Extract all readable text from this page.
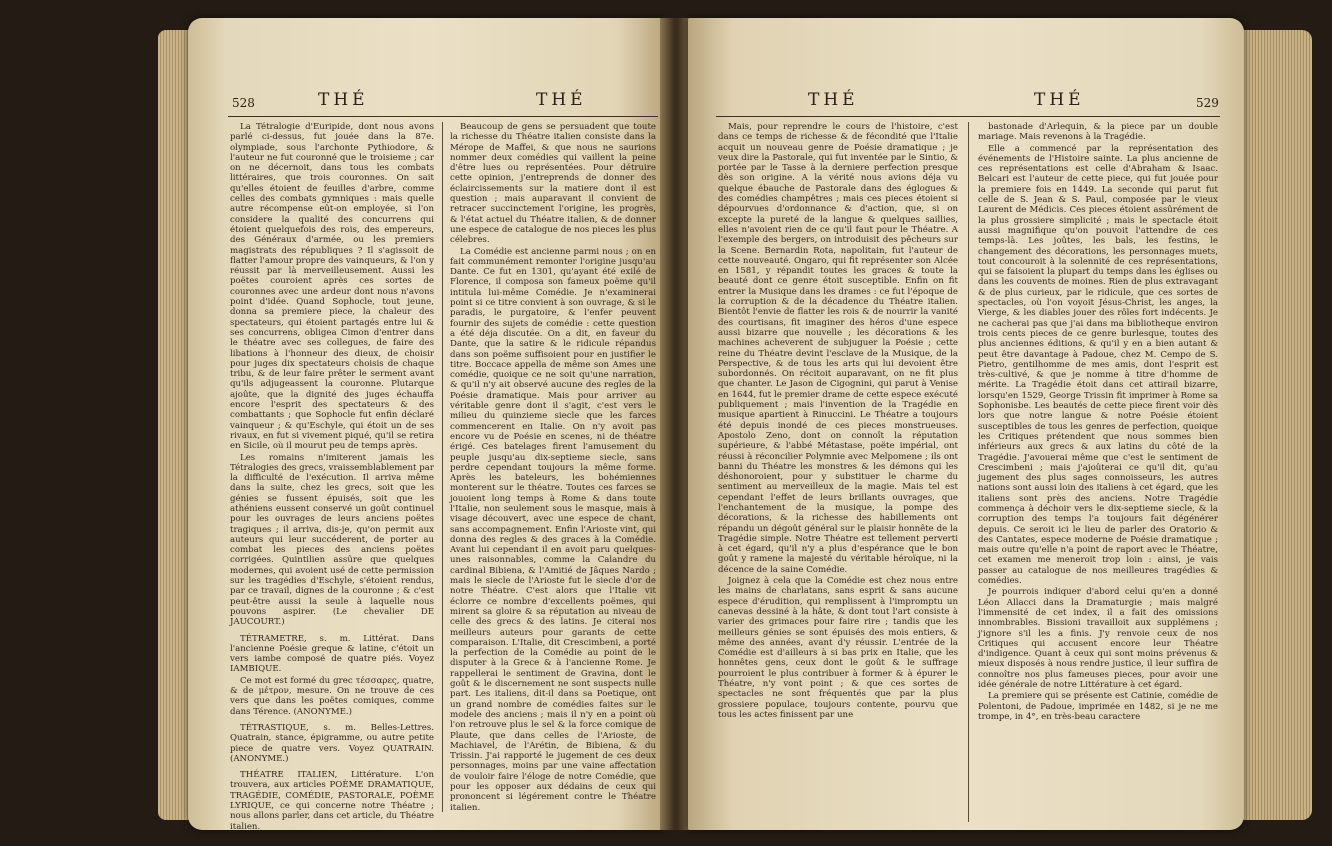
528	THÉ	THÉ

La Tétralogie d'Euripide, dont nous avons parlé ci-dessus, fut jouée dans la 87e. olympiade, sous l'archonte Pythiodore, & l'auteur ne fut couronné que le troisieme ; car on ne décernoit, dans tous les combats littéraires, que trois couronnes. On sait qu'elles étoient de feuilles d'arbre, comme celles des combats gymniques : mais quelle autre récompense eût-on employée, si l'on considere la qualité des concurrens qui étoient quelquefois des rois, des empereurs, des Généraux d'armée, ou les premiers magistrats des républiques ? Il s'agissoit de flatter l'amour propre des vainqueurs, & l'on y réussit par là merveilleusement. Aussi les poëtes couroient après ces sortes de couronnes avec une ardeur dont nous n'avons point d'idée. Quand Sophocle, tout jeune, donna sa premiere piece, la chaleur des spectateurs, qui étoient partagés entre lui & ses concurrens, obligea Cimon d'entrer dans le théatre avec ses collegues, de faire des libations à l'honneur des dieux, de choisir pour juges dix spectateurs choisis de chaque tribu, & de leur faire prêter le serment avant qu'ils adjugeassent la couronne. Plutarque ajoûte, que la dignité des juges échauffa encore l'esprit des spectateurs & des combattants ; que Sophocle fut enfin déclaré vainqueur ; & qu'Eschyle, qui étoit un de ses rivaux, en fut si vivement piqué, qu'il se retira en Sicile, où il mourut peu de temps après.

Les romains n'imiterent jamais les Tétralogies des grecs, vraissemblablement par la difficulté de l'exécution. Il arriva même dans la suite, chez les grecs, soit que les génies se fussent épuisés, soit que les athéniens eussent conservé un goût continuel pour les ouvrages de leurs anciens poëtes tragiques ; il arriva, dis-je, qu'on permit aux auteurs qui leur succéderent, de porter au combat les pieces des anciens poëtes corrigées. Quintilien assûre que quelques modernes, qui avoient usé de cette permission sur les tragédies d'Eschyle, s'étoient rendus, par ce travail, dignes de la couronne ; & c'est peut-être aussi la seule à laquelle nous pouvons aspirer. (Le chevalier DE JAUCOURT.)

TÉTRAMETRE, s. m. Littérat. Dans l'ancienne Poésie greque & latine, c'étoit un vers iambe composé de quatre piés. Voyez IAMBIQUE.

Ce mot est formé du grec τέσσαρες, quatre, & de μέτρον, mesure. On ne trouve de ces vers que dans les poëtes comiques, comme dans Térence. (ANONYME.)

TÉTRASTIQUE, s. m. Belles-Lettres. Quatrain, stance, épigramme, ou autre petite piece de quatre vers. Voyez QUATRAIN. (ANONYME.)

THÉATRE ITALIEN, Littérature. L'on trouvera, aux articles POÈME DRAMATIQUE, TRAGÉDIE, COMÉDIE, PASTORALE, POÈME LYRIQUE, ce qui concerne notre Théatre ; nous allons parler, dans cet article, du Théatre italien.

Beaucoup de gens se persuadent que toute la richesse du Théatre italien consiste dans la Mérope de Maffei, & que nous ne saurions nommer deux comédies qui vaillent la peine d'être lues ou représentées. Pour détruire cette opinion, j'entreprends de donner des éclaircissements sur la matiere dont il est question ; mais auparavant il convient de retracer succinctement l'origine, les progrès, & l'état actuel du Théatre italien, & de donner une espece de catalogue de nos pieces les plus célebres.

La Comédie est ancienne parmi nous ; on en fait communément remonter l'origine jusqu'au Dante. Ce fut en 1301, qu'ayant été exilé de Florence, il composa son fameux poëme qu'il intitula lui-même Comédie. Je n'examinerai point si ce titre convient à son ouvrage, & si le paradis, le purgatoire, & l'enfer peuvent fournir des sujets de comédie : cette question a été déja discutée. On a dit, en faveur du Dante, que la satire & le ridicule répandus dans son poëme suffisoient pour en justifier le titre. Boccace appella de même son Ames une comédie, quoique ce ne soit qu'une narration, & qu'il n'y ait observé aucune des regles de la Poésie dramatique. Mais pour arriver au véritable genre dont il s'agit, c'est vers le milieu du quinzieme siecle que les farces commencerent en Italie. On n'y avoit pas encore vu de Poésie en scenes, ni de théatre érigé. Ces batelages firent l'amusement du peuple jusqu'au dix-septieme siecle, sans perdre cependant toujours la même forme. Après les bateleurs, les bohémiennes monterent sur le théatre. Toutes ces farces se jouoient long temps à Rome & dans toute l'Italie, non seulement sous le masque, mais à visage découvert, avec une espece de chant, sans accompagnement. Enfin l'Arioste vint, qui donna des regles & des graces à la Comédie. Avant lui cependant il en avoit paru quelques-unes raisonnables, comme la Calandre du cardinal Bibiena, & l'Amitié de Jâques Nardo ; mais le siecle de l'Arioste fut le siecle d'or de notre Théatre. C'est alors que l'Italie vit éclorre ce nombre d'excellents poëmes, qui mirent sa gloire & sa réputation au niveau de celle des grecs & des latins. Je citerai nos meilleurs auteurs pour garants de cette comparaison. L'Italie, dit Crescimbeni, a porté la perfection de la Comédie au point de le disputer à la Grece & à l'ancienne Rome. Je rappellerai le sentiment de Gravina, dont le goût & le discernement ne sont suspects nulle part. Les italiens, dit-il dans sa Poetique, ont un grand nombre de comédies faites sur le modele des anciens ; mais il n'y en a point où l'on retrouve plus le sel & la force comique de Plaute, que dans celles de l'Arioste, de Machiavel, de l'Arétin, de Bibiena, & du Trissin. J'ai rapporté le jugement de ces deux personnages, moins par une vaine affectation de vouloir faire l'éloge de notre Comédie, que pour les opposer aux dédains de ceux qui prononcent si légérement contre le Théatre italien.

THÉ	THÉ	529

Mais, pour reprendre le cours de l'histoire, c'est dans ce temps de richesse & de fécondité que l'Italie acquit un nouveau genre de Poésie dramatique ; je veux dire la Pastorale, qui fut inventée par le Sintio, & portée par le Tasse à la derniere perfection presque dès son origine. A la vérité nous avions déja vu quelque ébauche de Pastorale dans des églogues & des comédies champêtres ; mais ces pieces étoient si dépourvues d'ordonnance & d'action, que, si on excepte la pureté de la langue & quelques saillies, elles n'avoient rien de ce qu'il faut pour le Théatre. A l'exemple des bergers, on introduisit des pêcheurs sur la Scene. Bernardin Rota, napolitain, fut l'auteur de cette nouveauté. Ongaro, qui fit représenter son Alcée en 1581, y répandit toutes les graces & toute la beauté dont ce genre étoit susceptible. Enfin on fit entrer la Musique dans les drames : ce fut l'époque de la corruption & de la décadence du Théatre italien. Bientôt l'envie de flatter les rois & de nourrir la vanité des courtisans, fit imaginer des héros d'une espece aussi bizarre que nouvelle ; les décorations & les machines acheverent de subjuguer la Poésie ; cette reine du Théatre devint l'esclave de la Musique, de la Perspective, & de tous les arts qui lui devoient être subordonnés. On récitoit auparavant, on ne fit plus que chanter. Le Jason de Cigognini, qui parut à Venise en 1644, fut le premier drame de cette espece exécuté publiquement ; mais l'invention de la Tragédie en musique apartient à Rinuccini. Le Théatre a toujours été depuis inondé de ces pieces monstrueuses. Apostolo Zeno, dont on connoît la réputation supérieure, & l'abbé Métastase, poëte impérial, ont réussi à réconcilier Polymnie avec Melpomene ; ils ont banni du Théatre les monstres & les démons qui les déshonoroient, pour y substituer le charme du sentiment au merveilleux de la magie. Mais tel est cependant l'effet de leurs brillants ouvrages, que l'enchantement de la musique, la pompe des décorations, & la richesse des habillements ont répandu un dégoût général sur le plaisir honnête de la Tragédie simple. Notre Théatre est tellement perverti à cet égard, qu'il n'y a plus d'espérance que le bon goût y ramene la majesté du véritable héroïque, ni la décence de la saine Comédie.

Joignez à cela que la Comédie est chez nous entre les mains de charlatans, sans esprit & sans aucune espece d'érudition, qui remplissent à l'impromptu un canevas dessiné à la hâte, & dont tout l'art consiste à varier des grimaces pour faire rire ; tandis que les meilleurs génies se sont épuisés des mois entiers, & même des années, avant d'y réussir. L'entrée de la Comédie est d'ailleurs à si bas prix en Italie, que les honnêtes gens, ceux dont le goût & le suffrage pourroient le plus contribuer à former & à épurer le Théatre, n'y vont point ; & que ces sortes de spectacles ne sont fréquentés que par la plus grossiere populace, toujours contente, pourvu que tous les actes finissent par une

bastonade d'Arlequin, & la piece par un double mariage. Mais revenons à la Tragédie.

Elle a commencé par la représentation des événements de l'Histoire sainte. La plus ancienne de ces représentations est celle d'Abraham & Isaac. Belcari est l'auteur de cette piece, qui fut jouée pour la premiere fois en 1449. La seconde qui parut fut celle de S. Jean & S. Paul, composée par le vieux Laurent de Médicis. Ces pieces étoient assûrément de la plus grossiere simplicité ; mais le spectacle étoit aussi magnifique qu'on pouvoit l'attendre de ces temps-là. Les joûtes, les bals, les festins, le changement des décorations, les personnages muets, tout concouroit à la solennité de ces représentations, qui se faisoient la plupart du temps dans les églises ou dans les couvents de moines. Rien de plus extravagant & de plus curieux, par le ridicule, que ces sortes de spectacles, où l'on voyoit Jésus-Christ, les anges, la Vierge, & les diables jouer des rôles fort indécents. Je ne cacherai pas que j'ai dans ma bibliotheque environ trois cents pieces de ce genre burlesque, toutes des plus anciennes éditions, & qu'il y en a bien autant & peut être davantage à Padoue, chez M. Cempo de S. Pietro, gentilhomme de mes amis, dont l'esprit est très-cultivé, & que je nomme à titre d'homme de mérite. La Tragédie étoit dans cet attirail bizarre, lorsqu'en 1529, George Trissin fit imprimer à Rome sa Sophonisbe. Les beautés de cette piece firent voir dès lors que notre langue & notre Poésie étoient susceptibles de tous les genres de perfection, quoique les Critiques prétendent que nous sommes bien inférieurs aux grecs & aux latins du côté de la Tragédie. J'avouerai même que c'est le sentiment de Crescimbeni ; mais j'ajoûterai ce qu'il dit, qu'au jugement des plus sages connoisseurs, les autres nations sont aussi loin des italiens à cet égard, que les italiens sont près des anciens. Notre Tragédie commença à déchoir vers le dix-septieme siecle, & la corruption des temps l'a toujours fait dégénérer depuis. Ce seroit ici le lieu de parler des Oratorio & des Cantates, espece moderne de Poésie dramatique ; mais outre qu'elle n'a point de raport avec le Théatre, cet examen me meneroit trop loin : ainsi, je vais passer au catalogue de nos meilleures tragédies & comédies.

Je pourrois indiquer d'abord celui qu'en a donné Léon Allacci dans la Dramaturgie ; mais malgré l'immensité de cet index, il a fait des omissions innombrables. Bissioni travailloit aux supplémens ; j'ignore s'il les a finis. J'y renvoie ceux de nos Critiques qui accusent encore leur Théatre d'indigence. Quant à ceux qui sont moins prévenus & mieux disposés à nous rendre justice, il leur suffira de connoître nos plus fameuses pieces, pour avoir une idée générale de notre Littérature à cet égard.

La premiere qui se présente est Catinie, comédie de Polentoni, de Padoue, imprimée en 1482, si je ne me trompe, in 4°, en très-beau caractere
